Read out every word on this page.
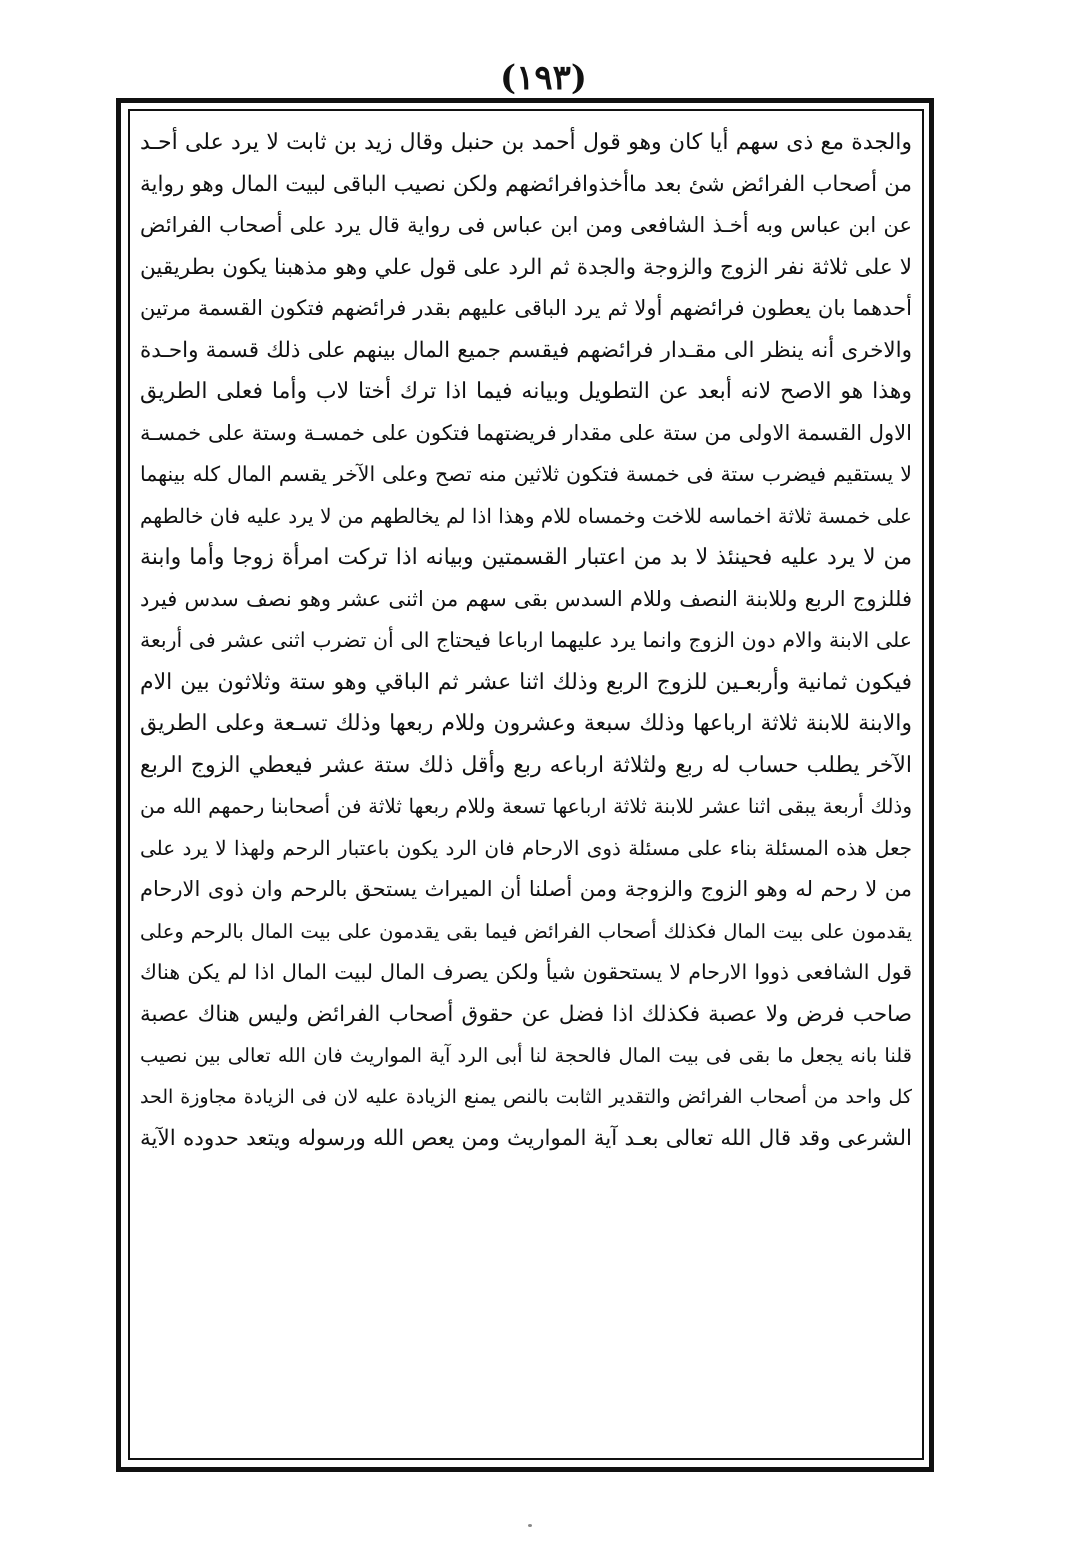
(١٩٣)
والجدة مع ذى سهم أيا كان وهو قول أحمد بن حنبل وقال زيد بن ثابت لا يرد على أحـد
من أصحاب الفرائض شئ بعد ماأخذوافرائضهم ولكن نصيب الباقى لبيت المال وهو رواية
عن ابن عباس وبه أخـذ الشافعى ومن ابن عباس فى رواية قال يرد على أصحاب الفرائض
لا على ثلاثة نفر الزوج والزوجة والجدة ثم الرد على قول علي وهو مذهبنا يكون بطريقين
أحدهما بان يعطون فرائضهم أولا ثم يرد الباقى عليهم بقدر فرائضهم فتكون القسمة مرتين
والاخرى أنه ينظر الى مقـدار فرائضهم فيقسم جميع المال بينهم على ذلك قسمة واحـدة
وهذا هو الاصح لانه أبعد عن التطويل وبيانه فيما اذا ترك أختا لاب وأما فعلى الطريق
الاول القسمة الاولى من ستة على مقدار فريضتهما فتكون على خمسـة وستة على خمسـة
لا يستقيم فيضرب ستة فى خمسة فتكون ثلاثين منه تصح وعلى الآخر يقسم المال كله بينهما
على خمسة ثلاثة اخماسه للاخت وخمساه للام وهذا اذا لم يخالطهم من لا يرد عليه فان خالطهم
من لا يرد عليه فحينئذ لا بد من اعتبار القسمتين وبيانه اذا تركت امرأة زوجا وأما وابنة
فللزوج الربع وللابنة النصف وللام السدس بقى سهم من اثنى عشر وهو نصف سدس فيرد
على الابنة والام دون الزوج وانما يرد عليهما ارباعا فيحتاج الى أن تضرب اثنى عشر فى أربعة
فيكون ثمانية وأربعـين للزوج الربع وذلك اثنا عشر ثم الباقي وهو ستة وثلاثون بين الام
والابنة للابنة ثلاثة ارباعها وذلك سبعة وعشرون وللام ربعها وذلك تسـعة وعلى الطريق
الآخر يطلب حساب له ربع ولثلاثة ارباعه ربع وأقل ذلك ستة عشر فيعطي الزوج الربع
وذلك أربعة يبقى اثنا عشر للابنة ثلاثة ارباعها تسعة وللام ربعها ثلاثة فن أصحابنا رحمهم الله من
جعل هذه المسئلة بناء على مسئلة ذوى الارحام فان الرد يكون باعتبار الرحم ولهذا لا يرد على
من لا رحم له وهو الزوج والزوجة ومن أصلنا أن الميراث يستحق بالرحم وان ذوى الارحام
يقدمون على بيت المال فكذلك أصحاب الفرائض فيما بقى يقدمون على بيت المال بالرحم وعلى
قول الشافعى ذووا الارحام لا يستحقون شيأ ولكن يصرف المال لبيت المال اذا لم يكن هناك
صاحب فرض ولا عصبة فكذلك اذا فضل عن حقوق أصحاب الفرائض وليس هناك عصبة
قلنا بانه يجعل ما بقى فى بيت المال فالحجة لنا أبى الرد آية المواريث فان الله تعالى بين نصيب
كل واحد من أصحاب الفرائض والتقدير الثابت بالنص يمنع الزيادة عليه لان فى الزيادة مجاوزة الحد
الشرعى وقد قال الله تعالى بعـد آية المواريث ومن يعص الله ورسوله ويتعد حدوده الآية
